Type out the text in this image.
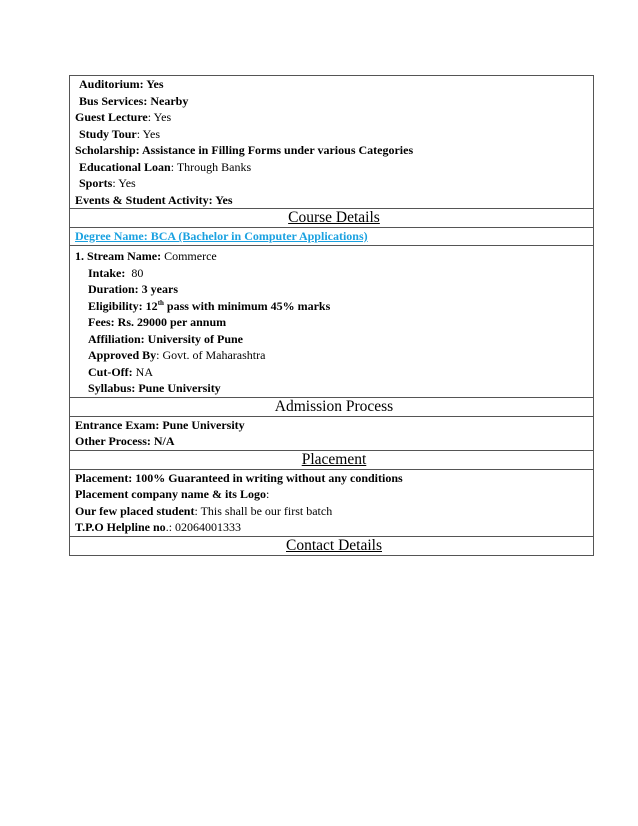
Auditorium: Yes
Bus Services: Nearby
Guest Lecture: Yes
Study Tour: Yes
Scholarship: Assistance in Filling Forms under various Categories
Educational Loan: Through Banks
Sports: Yes
Events & Student Activity: Yes

Course Details

Degree Name: BCA (Bachelor in Computer Applications)

1. Stream Name: Commerce
Intake:  80
Duration: 3 years
Eligibility: 12th pass with minimum 45% marks
Fees: Rs. 29000 per annum
Affiliation: University of Pune
Approved By: Govt. of Maharashtra
Cut-Off: NA
Syllabus: Pune University

Admission Process

Entrance Exam: Pune University
Other Process: N/A

Placement

Placement: 100% Guaranteed in writing without any conditions
Placement company name & its Logo:
Our few placed student: This shall be our first batch
T.P.O Helpline no.: 02064001333

Contact Details
